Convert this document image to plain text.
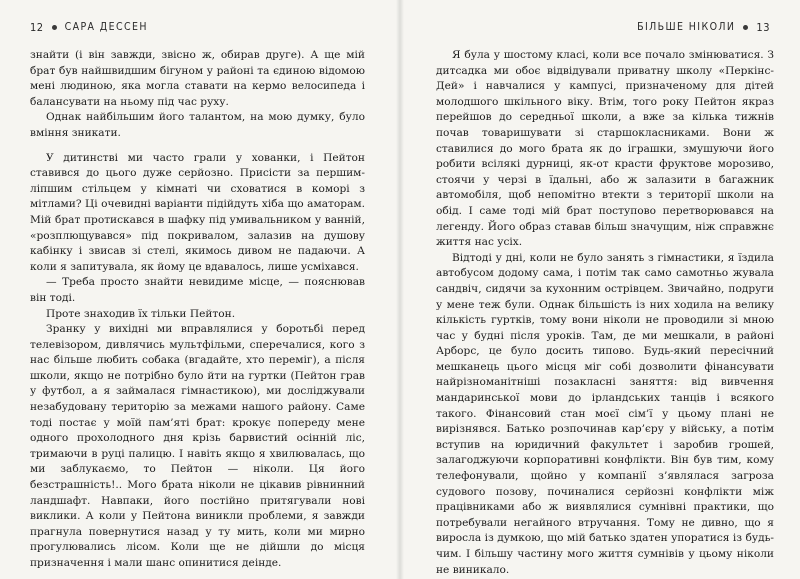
12 САРА ДЕССЕН

знайти (і він завжди, звісно ж, обирав друге). А ще мій брат був найшвидшим бігуном у районі та єдиною відомою мені людиною, яка могла ставати на кермо велосипеда і балансувати на ньому під час руху.

Однак найбільшим його талантом, на мою думку, було вміння зникати.

У дитинстві ми часто грали у хованки, і Пейтон ставився до цього дуже серйозно. Присісти за першим-ліпшим стільцем у кімнаті чи сховатися в коморі з мітлами? Ці очевидні варіанти підійдуть хіба що аматорам. Мій брат протискався в шафку під умивальником у ванній, «розплющувався» під покривалом, залазив на душову кабінку і звисав зі стелі, якимось дивом не падаючи. А коли я запитувала, як йому це вдавалось, лише усміхався.

— Треба просто знайти невидиме місце, — пояснював він тоді.

Проте знаходив їх тільки Пейтон.

Зранку у вихідні ми вправлялися у боротьбі перед телевізором, дивлячись мультфільми, сперечалися, кого з нас більше любить собака (вгадайте, хто переміг), а після школи, якщо не потрібно було йти на гуртки (Пейтон грав у футбол, а я займалася гімнастикою), ми досліджували незабудовану територію за межами нашого району. Саме тоді постає у моїй пам’яті брат: крокує попереду мене одного прохолодного дня крізь барвистий осінній ліс, тримаючи в руці палицю. І навіть якщо я хвилювалась, що ми заблукаємо, то Пейтон — ніколи. Ця його безстрашність!.. Мого брата ніколи не цікавив рівнинний ландшафт. Навпаки, його постійно притягували нові виклики. А коли у Пейтона виникли проблеми, я завжди прагнула повернутися назад у ту мить, коли ми мирно прогулювались лісом. Коли ще не дійшли до місця призначення і мали шанс опинитися деінде.

БІЛЬШЕ НІКОЛИ 13

Я була у шостому класі, коли все почало змінюватися. З дитсадка ми обоє відвідували приватну школу «Перкінс-Дей» і навчалися у кампусі, призначеному для дітей молодшого шкільного віку. Втім, того року Пейтон якраз перейшов до середньої школи, а вже за кілька тижнів почав товаришувати зі старшокласниками. Вони ж ставилися до мого брата як до іграшки, змушуючи його робити всілякі дурниці, як-от красти фруктове морозиво, стоячи у черзі в їдальні, або ж залазити в багажник автомобіля, щоб непомітно втекти з території школи на обід. І саме тоді мій брат поступово перетворювався на легенду. Його образ ставав більш значущим, ніж справжнє життя нас усіх.

Відтоді у дні, коли не було занять з гімнастики, я їздила автобусом додому сама, і потім так само самотньо жувала сандвіч, сидячи за кухонним острівцем. Звичайно, подруги у мене теж були. Однак більшість із них ходила на велику кількість гуртків, тому вони ніколи не проводили зі мною час у будні після уроків. Там, де ми мешкали, в районі Арборс, це було досить типово. Будь-який пересічний мешканець цього місця міг собі дозволити фінансувати найрізноманітніші позакласні заняття: від вивчення мандаринської мови до ірландських танців і всякого такого. Фінансовий стан моєї сім’ї у цьому плані не вирізнявся. Батько розпочинав кар’єру у війську, а потім вступив на юридичний факультет і заробив грошей, залагоджуючи корпоративні конфлікти. Він був тим, кому телефонували, щойно у компанії з’являлася загроза судового позову, починалися серйозні конфлікти між працівниками або ж виявлялися сумнівні практики, що потребували негайного втручання. Тому не дивно, що я виросла із думкою, що мій батько здатен упоратися із будь-чим. І більшу частину мого життя сумнівів у цьому ніколи не виникало.
